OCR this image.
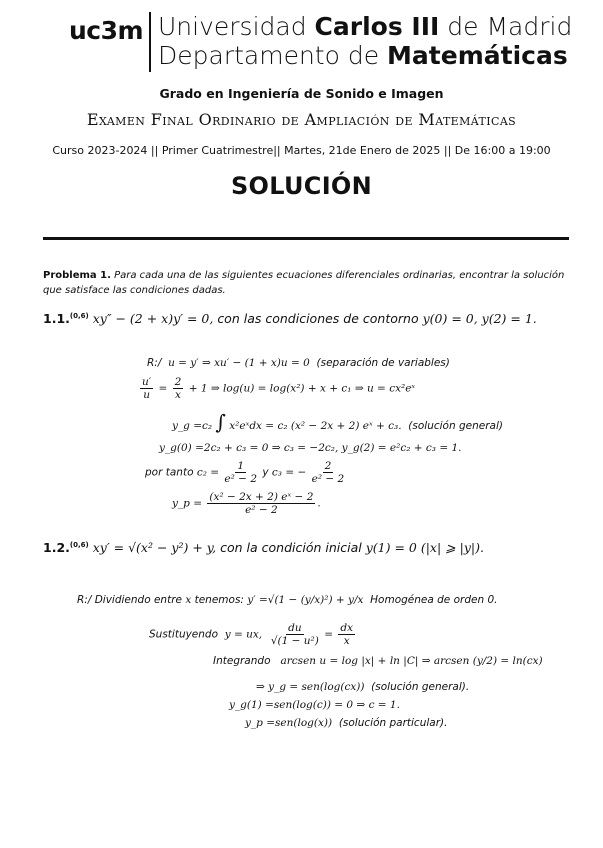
uc3m Universidad Carlos III de Madrid
Departamento de Matemáticas
Grado en Ingeniería de Sonido e Imagen
Examen Final Ordinario de Ampliación de Matemáticas
Curso 2023-2024 || Primer Cuatrimestre|| Martes, 21de Enero de 2025 || De 16:00 a 19:00
SOLUCIÓN
Problema 1. Para cada una de las siguientes ecuaciones diferenciales ordinarias, encontrar la solución que satisface las condiciones dadas.
1.1.$^{(0,6)}$ xy″ − (2 + x)y′ = 0, con las condiciones de contorno y(0) = 0, y(2) = 1.
R:/ u = y′ ⇒ xu′ − (1 + x)u = 0 (separación de variables)
$\frac{u'}{u} = \frac{2}{x} + 1$ ⇒ log(u) = log(x²) + x + c₁ ⇒ u = cx²eˣ
y_g =c₂ ∫ x²eˣdx = c₂ (x² − 2x + 2) eˣ + c₃. (solución general)
y_g(0) =2c₂ + c₃ = 0 ⇒ c₃ = −2c₂, y_g(2) = e²c₂ + c₃ = 1.
por tanto $c_2 = \frac{1}{\text{e² − 2}}$ y c₃ = − $\frac{2}{\text{e² − 2}}$
y_p = $\frac{\text{(x² − 2x + 2) eˣ − 2}}{\text{e² − 2}}$ .
1.2.$^{(0,6)}$ xy′ = √(x² − y²) + y, con la condición inicial y(1) = 0 (|x| ⩾ |y|).
R:/ Dividiendo entre x tenemos: y′ =√(1 − (y/x)²) + y/x Homogénea de orden 0.
Sustituyendo y = ux, $\frac{du}{\text{√(1 − u²)}} = \frac{dx}{x}$
Integrando arcsen u = log |x| + ln |C| ⇒ arcsen (y/2) = ln(cx)
⇒ y_g = sen(log(cx)) (solución general).
y_g(1) =sen(log(c)) = 0 ⇒ c = 1.
y_p =sen(log(x)) (solución particular).
